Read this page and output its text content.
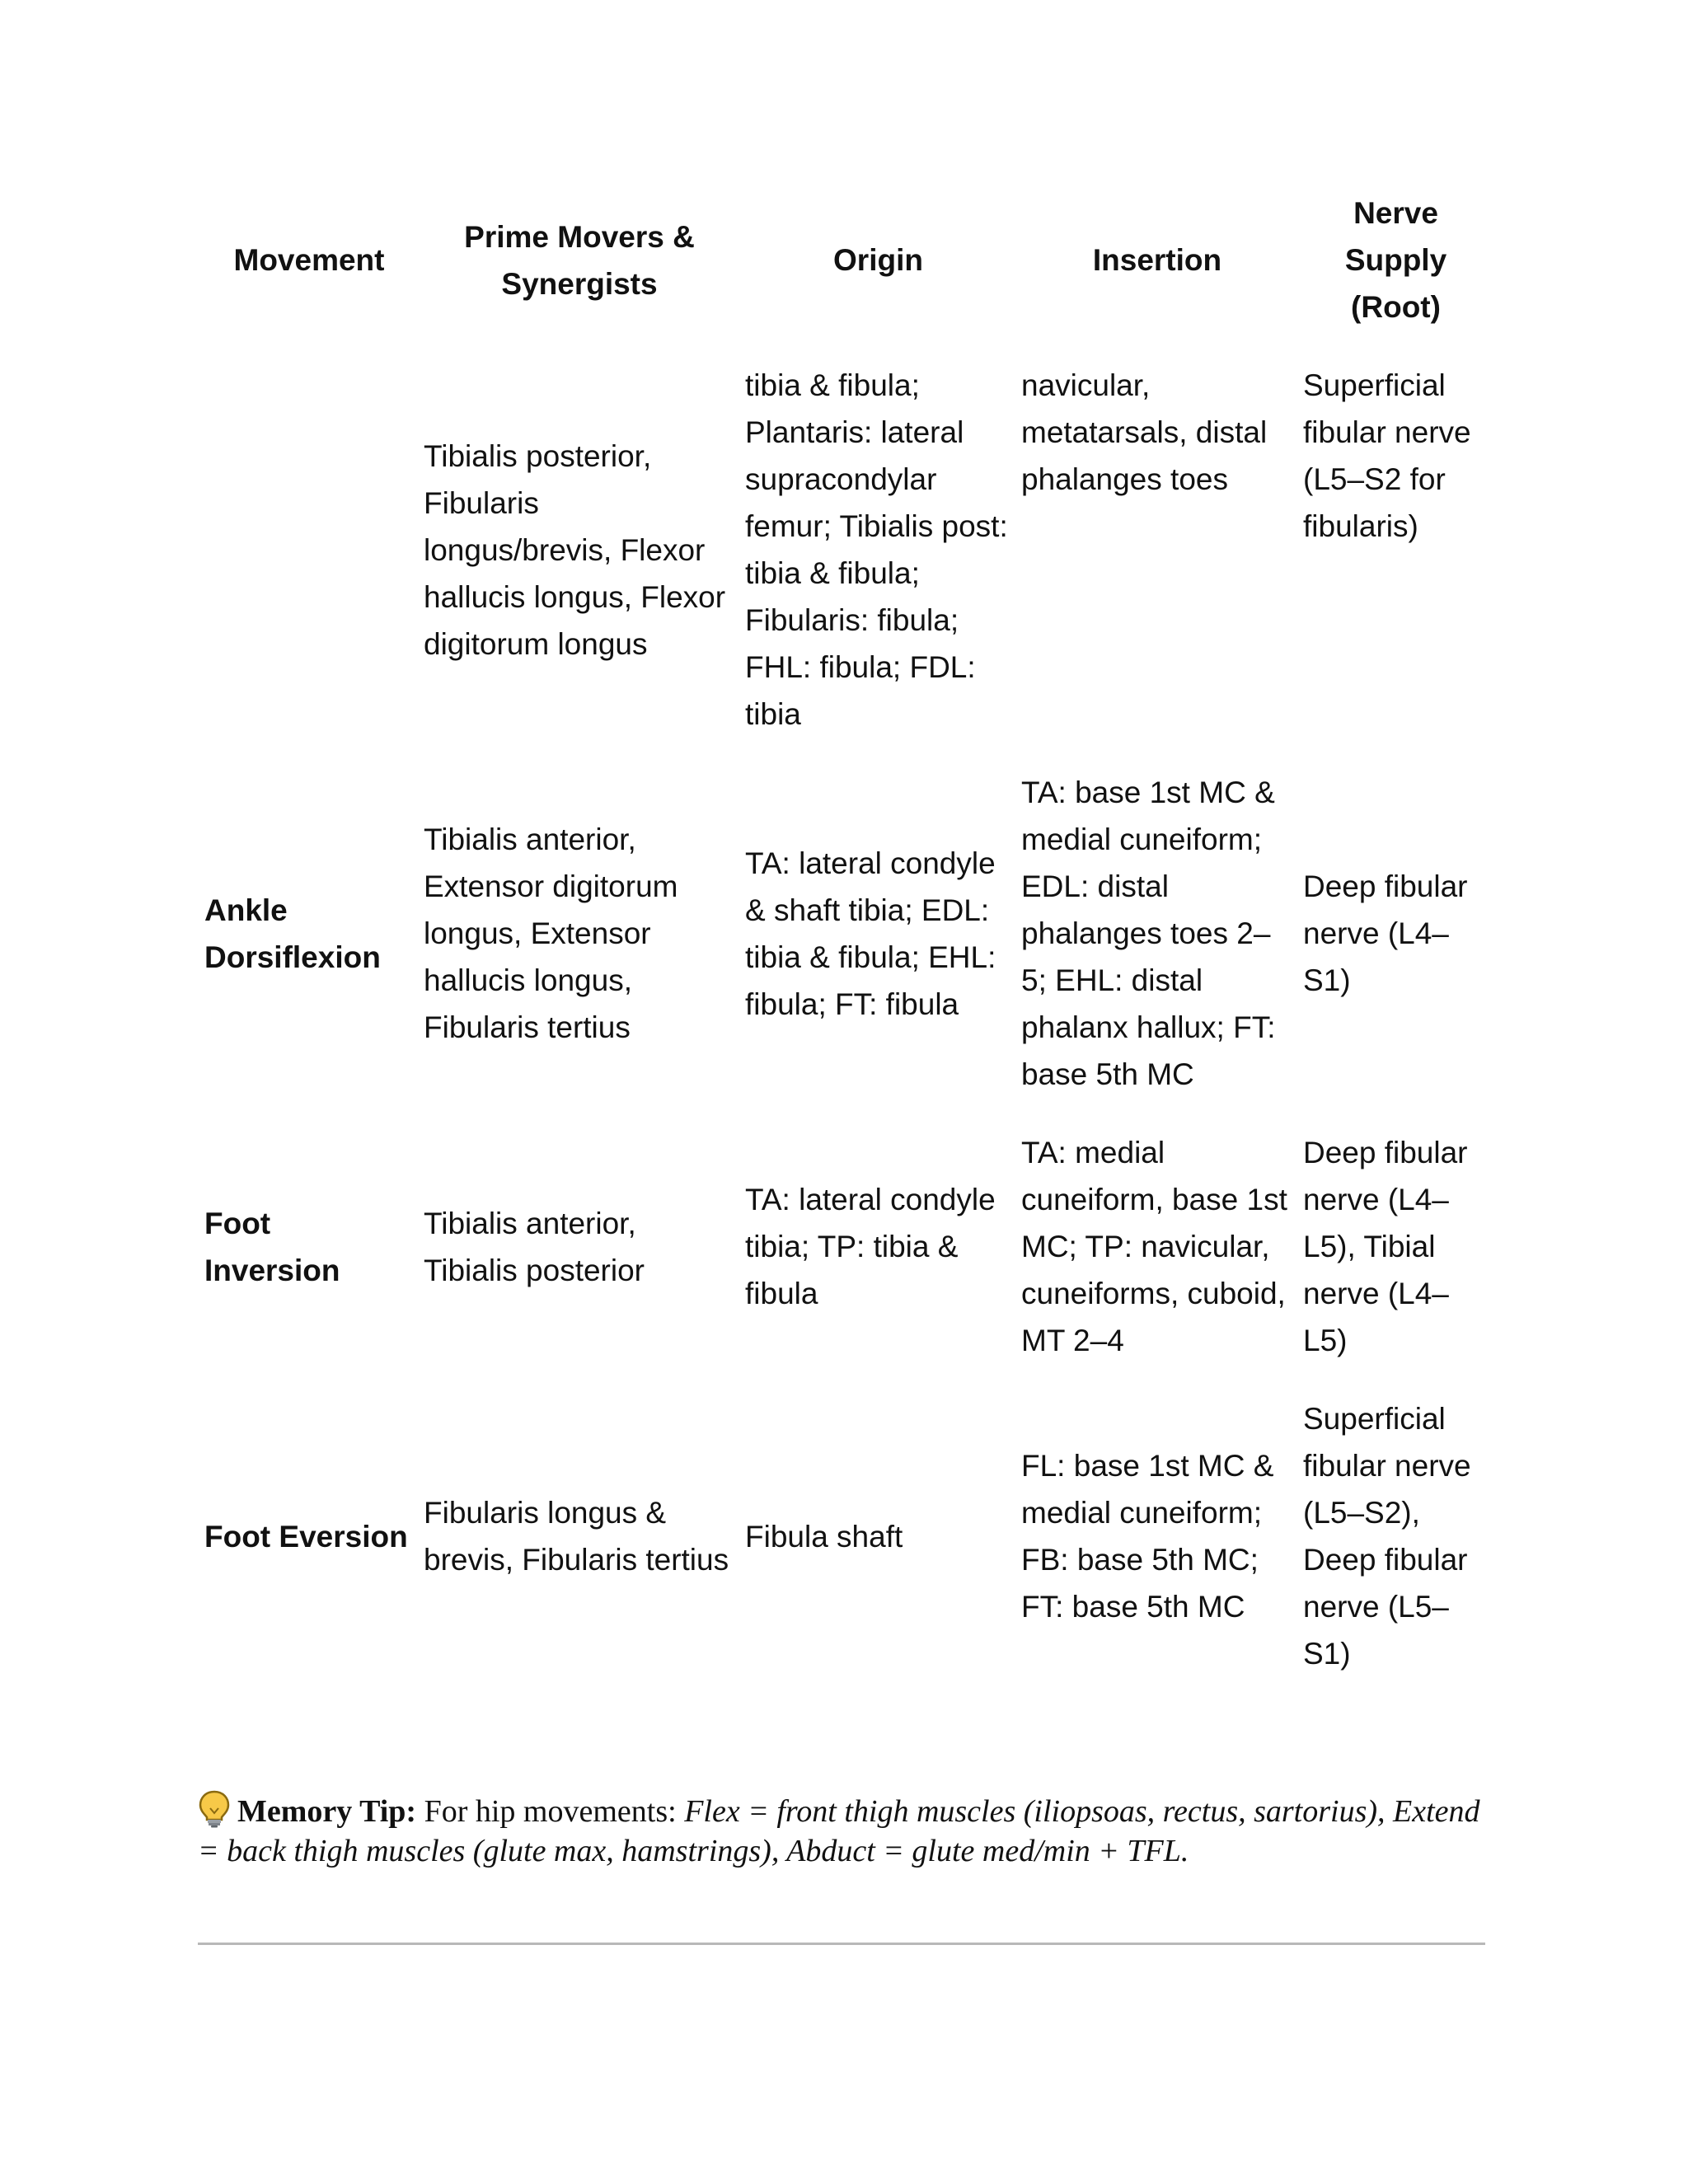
Movement	Prime Movers & Synergists	Origin	Insertion	Nerve Supply (Root)
	Tibialis posterior, Fibularis longus/brevis, Flexor hallucis longus, Flexor digitorum longus	tibia & fibula; Plantaris: lateral supracondylar femur; Tibialis post: tibia & fibula; Fibularis: fibula; FHL: fibula; FDL: tibia	navicular, metatarsals, distal phalanges toes	Superficial fibular nerve (L5–S2 for fibularis)
Ankle Dorsiflexion	Tibialis anterior, Extensor digitorum longus, Extensor hallucis longus, Fibularis tertius	TA: lateral condyle & shaft tibia; EDL: tibia & fibula; EHL: fibula; FT: fibula	TA: base 1st MC & medial cuneiform; EDL: distal phalanges toes 2–5; EHL: distal phalanx hallux; FT: base 5th MC	Deep fibular nerve (L4–S1)
Foot Inversion	Tibialis anterior, Tibialis posterior	TA: lateral condyle tibia; TP: tibia & fibula	TA: medial cuneiform, base 1st MC; TP: navicular, cuneiforms, cuboid, MT 2–4	Deep fibular nerve (L4–L5), Tibial nerve (L4–L5)
Foot Eversion	Fibularis longus & brevis, Fibularis tertius	Fibula shaft	FL: base 1st MC & medial cuneiform; FB: base 5th MC; FT: base 5th MC	Superficial fibular nerve (L5–S2), Deep fibular nerve (L5–S1)
Memory Tip: For hip movements: Flex = front thigh muscles (iliopsoas, rectus, sartorius), Extend = back thigh muscles (glute max, hamstrings), Abduct = glute med/min + TFL.
